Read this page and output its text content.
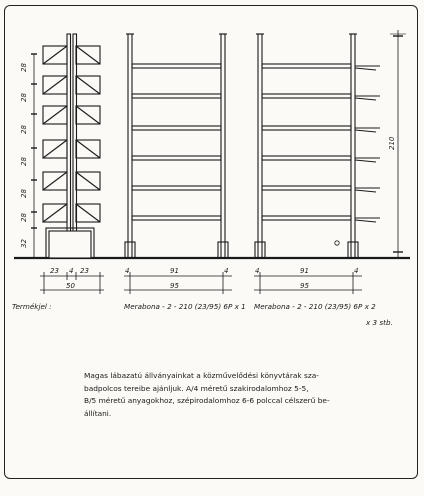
28
28
28
28
28
28
32
210
23 4 23
50
4	91	4
95
4	91	4
95
Termékjel :	Merabona - 2 - 210 (23/95) 6P x 1 Merabona - 2 - 210 (23/95) 6P x 2
x 3 stb.
Magas lábazatú állványainkat a közművelődési könyvtárak sza-
badpolcos tereibe ajánljuk. A/4 méretű szakirodalomhoz 5-5,
B/5 méretű anyagokhoz, szépirodalomhoz 6-6 polccal célszerű be-
állítani.
